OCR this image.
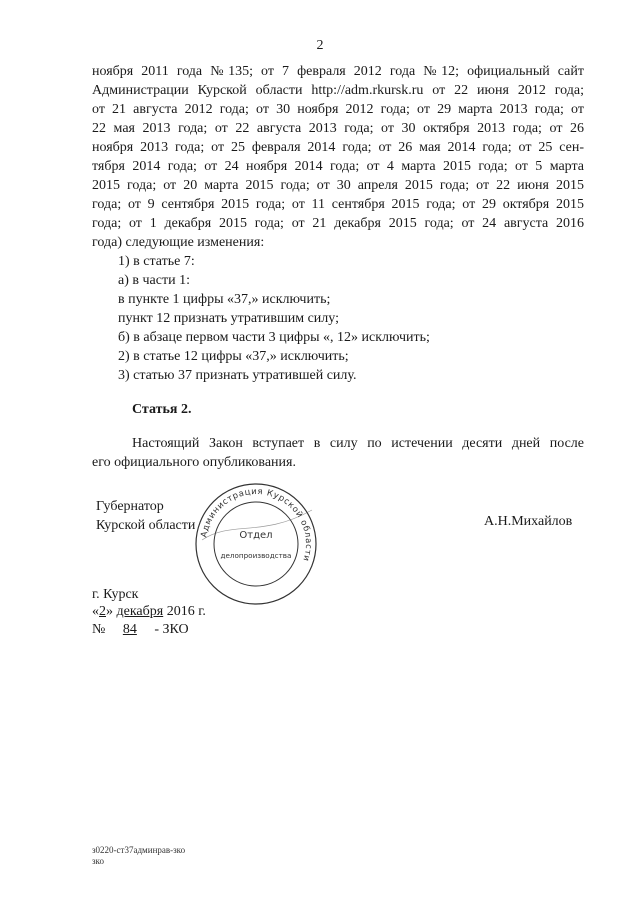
2
ноября 2011 года №135; от 7 февраля 2012 года №12; официальный сайт
Администрации Курской области http://adm.rkursk.ru от 22 июня 2012 года;
от 21 августа 2012 года; от 30 ноября 2012 года; от 29 марта 2013 года; от
22 мая 2013 года; от 22 августа 2013 года; от 30 октября 2013 года; от 26
ноября 2013 года; от 25 февраля 2014 года; от 26 мая 2014 года; от 25 сен-
тября 2014 года; от 24 ноября 2014 года; от 4 марта 2015 года; от 5 марта
2015 года; от 20 марта 2015 года; от 30 апреля 2015 года; от 22 июня 2015
года; от 9 сентября 2015 года; от 11 сентября 2015 года; от 29 октября 2015
года; от 1 декабря 2015 года; от 21 декабря 2015 года; от 24 августа 2016
года) следующие изменения:
1) в статье 7:
а) в части 1:
в пункте 1 цифры «37,» исключить;
пункт 12 признать утратившим силу;
б) в абзаце первом части 3 цифры «, 12» исключить;
2) в статье 12 цифры «37,» исключить;
3) статью 37 признать утратившей силу.
Статья 2.
Настоящий Закон вступает в силу по истечении десяти дней после
его официального опубликования.
Губернатор
Курской области	А.Н.Михайлов
Администрация Курской области
Отдел
делопроизводства
г. Курск
«2» декабря 2016 г.
№ 84 - ЗКО
з0220-ст37админрав-зко
зко
